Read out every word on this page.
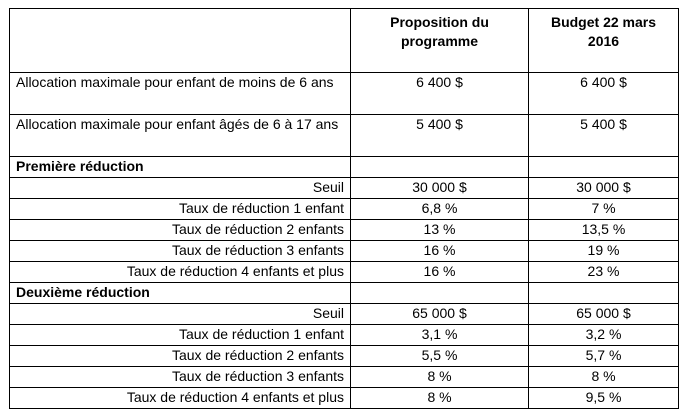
	Proposition du programme	Budget 22 mars 2016
Allocation maximale pour enfant de moins de 6 ans	6 400 $	6 400 $
Allocation maximale pour enfant âgés de 6 à 17 ans	5 400 $	5 400 $
Première réduction		
Seuil	30 000 $	30 000 $
Taux de réduction 1 enfant	6,8 %	7 %
Taux de réduction 2 enfants	13 %	13,5 %
Taux de réduction 3 enfants	16 %	19 %
Taux de réduction 4 enfants et plus	16 %	23 %
Deuxième réduction		
Seuil	65 000 $	65 000 $
Taux de réduction 1 enfant	3,1 %	3,2 %
Taux de réduction 2 enfants	5,5 %	5,7 %
Taux de réduction 3 enfants	8 %	8 %
Taux de réduction 4 enfants et plus	8 %	9,5 %
